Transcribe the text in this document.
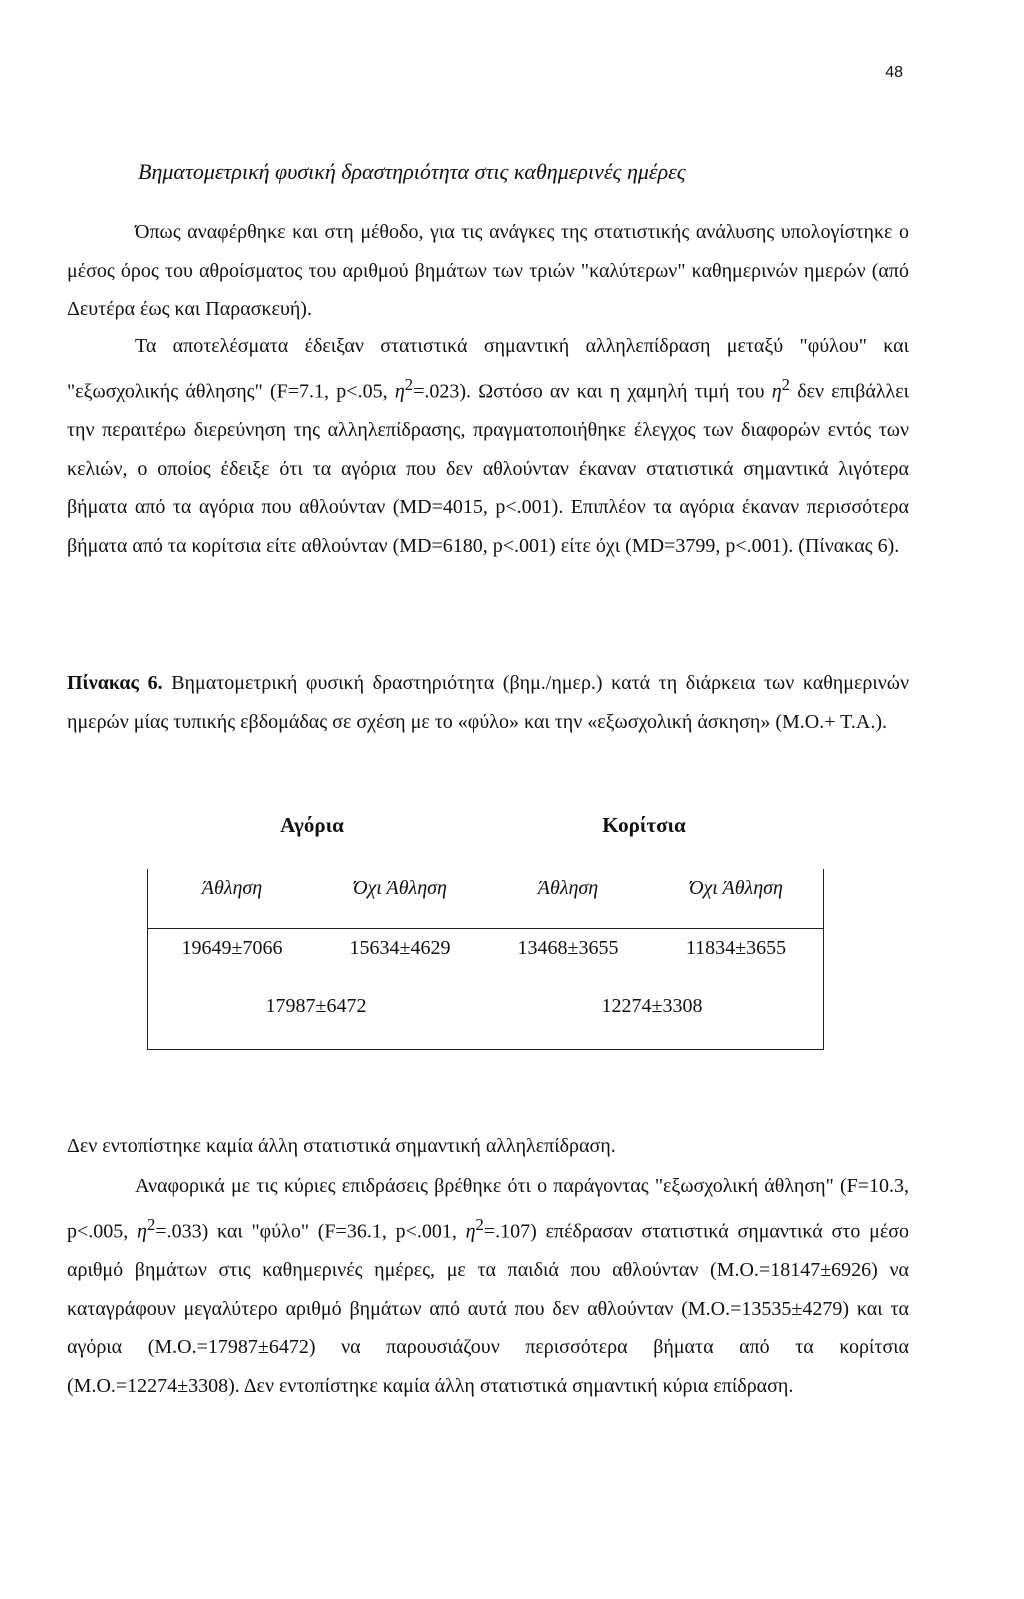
48
Βηματομετρική φυσική δραστηριότητα στις καθημερινές ημέρες
Όπως αναφέρθηκε και στη μέθοδο, για τις ανάγκες της στατιστικής ανάλυσης υπολογίστηκε ο μέσος όρος του αθροίσματος του αριθμού βημάτων των τριών "καλύτερων" καθημερινών ημερών (από Δευτέρα έως και Παρασκευή).
Τα αποτελέσματα έδειξαν στατιστικά σημαντική αλληλεπίδραση μεταξύ "φύλου" και "εξωσχολικής άθλησης" (F=7.1, p<.05, $\eta^2=.023$). Ωστόσο αν και η χαμηλή τιμή του $\eta^2$ δεν επιβάλλει την περαιτέρω διερεύνηση της αλληλεπίδρασης, πραγματοποιήθηκε έλεγχος των διαφορών εντός των κελιών, ο οποίος έδειξε ότι τα αγόρια που δεν αθλούνταν έκαναν στατιστικά σημαντικά λιγότερα βήματα από τα αγόρια που αθλούνταν (MD=4015, p<.001). Επιπλέον τα αγόρια έκαναν περισσότερα βήματα από τα κορίτσια είτε αθλούνταν (MD=6180, p<.001) είτε όχι (MD=3799, p<.001). (Πίνακας 6).
Πίνακας 6. Βηματομετρική φυσική δραστηριότητα (βημ./ημερ.) κατά τη διάρκεια των καθημερινών ημερών μίας τυπικής εβδομάδας σε σχέση με το «φύλο» και την «εξωσχολική άσκηση» (Μ.Ο.+ Τ.Α.).
Αγόρια	Κορίτσια
Άθληση	Όχι Άθληση	Άθληση	Όχι Άθληση
19649±7066	15634±4629	13468±3655	11834±3655
17987±6472	12274±3308
Δεν εντοπίστηκε καμία άλλη στατιστικά σημαντική αλληλεπίδραση.
Αναφορικά με τις κύριες επιδράσεις βρέθηκε ότι ο παράγοντας "εξωσχολική άθληση" (F=10.3, p<.005, $\eta^2=.033$) και "φύλο" (F=36.1, p<.001, $\eta^2=.107$) επέδρασαν στατιστικά σημαντικά στο μέσο αριθμό βημάτων στις καθημερινές ημέρες, με τα παιδιά που αθλούνταν (Μ.Ο.=18147±6926) να καταγράφουν μεγαλύτερο αριθμό βημάτων από αυτά που δεν αθλούνταν (Μ.Ο.=13535±4279) και τα αγόρια (Μ.Ο.=17987±6472) να παρουσιάζουν περισσότερα βήματα από τα κορίτσια (Μ.Ο.=12274±3308). Δεν εντοπίστηκε καμία άλλη στατιστικά σημαντική κύρια επίδραση.
